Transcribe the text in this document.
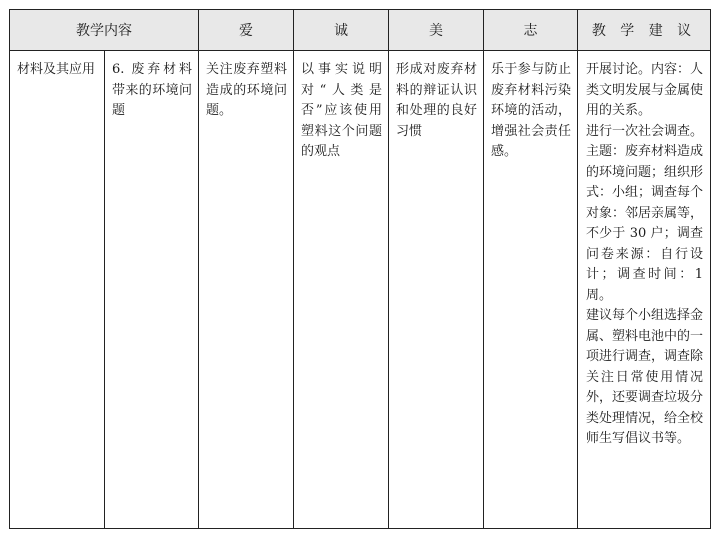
教学内容		爱	诚	美	志	教 学 建 议

材料及其应用	6. 废弃材料带来的环境问题	关注废弃塑料造成的环境问题。	以事实说明对“人类是否”应该使用塑料这个问题的观点	形成对废弃材料的辩证认识和处理的良好习惯	乐于参与防止废弃材料污染环境的活动，增强社会责任感。	开展讨论。内容：人类文明发展与金属使用的关系。
进行一次社会调查。主题：废弃材料造成的环境问题；组织形式：小组；调查每个对象：邻居亲属等，不少于 30 户；调查问卷来源：自行设计；调查时间：1 周。
建议每个小组选择金属、塑料电池中的一项进行调查，调查除关注日常使用情况外，还要调查垃圾分类处理情况，给全校师生写倡议书等。
